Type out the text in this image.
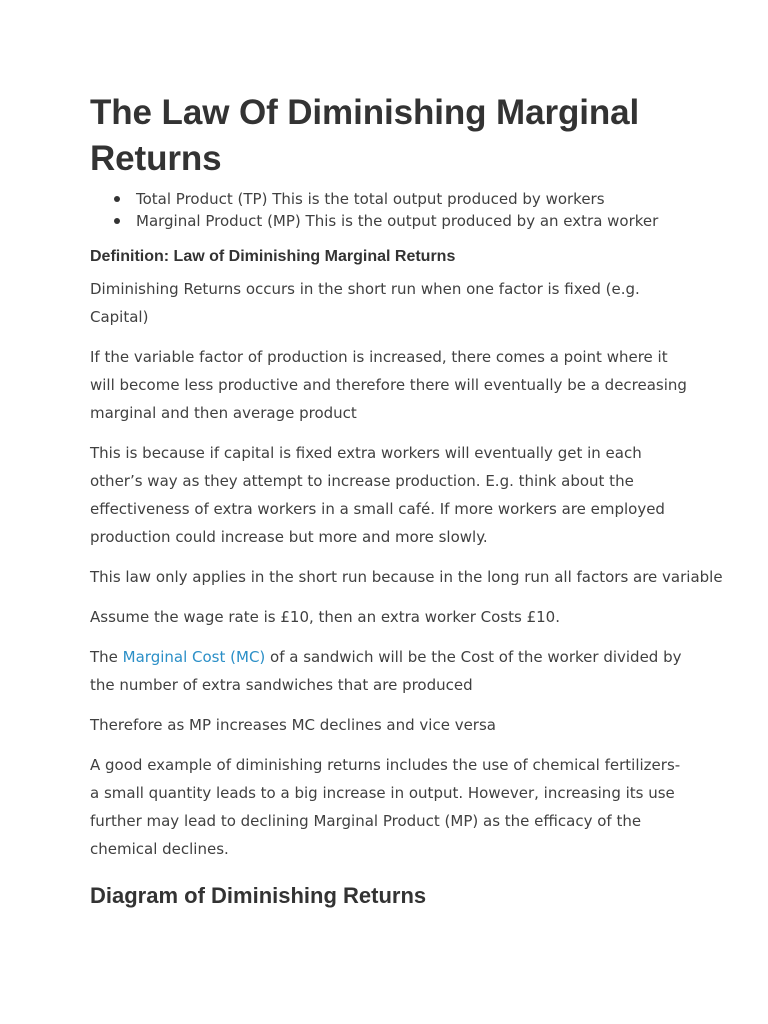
The Law Of Diminishing Marginal Returns
Total Product (TP) This is the total output produced by workers
Marginal Product (MP) This is the output produced by an extra worker
Definition: Law of Diminishing Marginal Returns

Diminishing Returns occurs in the short run when one factor is fixed (e.g. Capital)

If the variable factor of production is increased, there comes a point where it will become less productive and therefore there will eventually be a decreasing marginal and then average product

This is because if capital is fixed extra workers will eventually get in each other’s way as they attempt to increase production. E.g. think about the effectiveness of extra workers in a small café. If more workers are employed production could increase but more and more slowly.

This law only applies in the short run because in the long run all factors are variable

Assume the wage rate is £10, then an extra worker Costs £10.

The Marginal Cost (MC) of a sandwich will be the Cost of the worker divided by the number of extra sandwiches that are produced

Therefore as MP increases MC declines and vice versa

A good example of diminishing returns includes the use of chemical fertilizers- a small quantity leads to a big increase in output. However, increasing its use further may lead to declining Marginal Product (MP) as the efficacy of the chemical declines.

Diagram of Diminishing Returns
